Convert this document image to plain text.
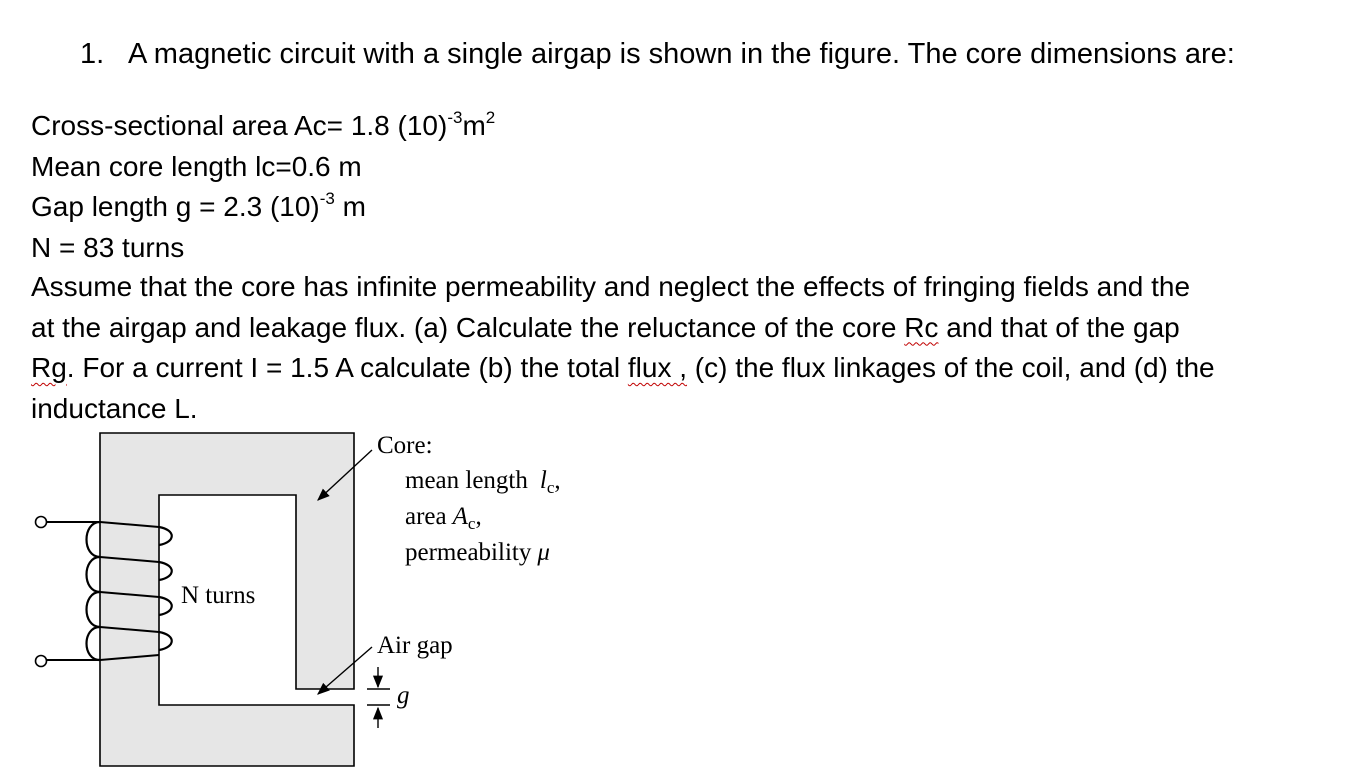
1. A magnetic circuit with a single airgap is shown in the figure. The core dimensions are:
Cross-sectional area Ac= 1.8 $(10)^{-3}m^2$
Mean core length lc=0.6 m
Gap length g = 2.3 $(10)^{-3}$ m
N = 83 turns
Assume that the core has infinite permeability and neglect the effects of fringing fields and the
at the airgap and leakage flux. (a) Calculate the reluctance of the core Rc and that of the gap
Rg. For a current I = 1.5 A calculate (b) the total flux , (c) the flux linkages of the coil, and (d) the
inductance L.
N turns
Core:
mean length $l_c$,
area $A_c$,
permeability μ
Air gap
g
